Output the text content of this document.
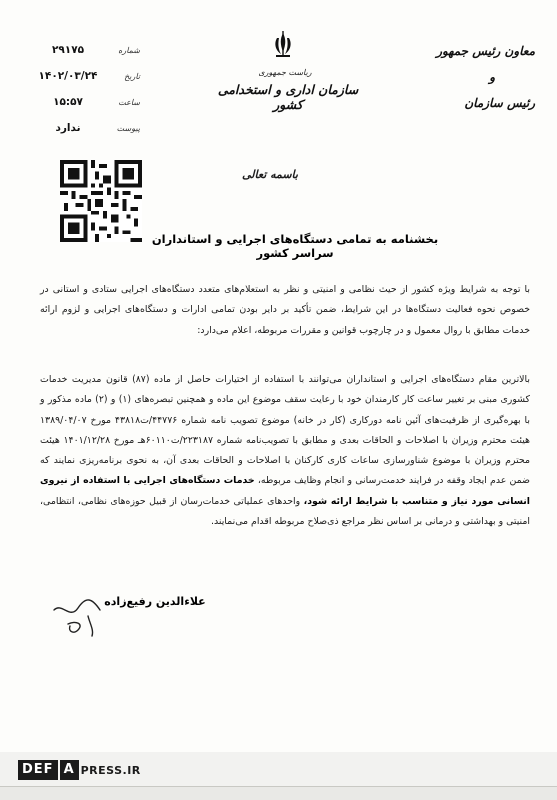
معاون رئیس جمهور
و
رئیس سازمان
ریاست جمهوری
سازمان اداری و استخدامی کشور
شماره
۲۹۱۷۵
تاریخ
۱۴۰۲/۰۳/۲۴
ساعت
۱۵:۵۷
پیوست
ندارد
باسمه تعالی
بخشنامه به تمامی دستگاه‌های اجرایی و استانداران سراسر کشور
با توجه به شرایط ویژه کشور از حیث نظامی و امنیتی و نظر به استعلام‌های متعدد دستگاه‌های اجرایی ستادی و استانی در خصوص نحوه فعالیت دستگاه‌ها در این شرایط، ضمن تأکید بر دایر بودن تمامی ادارات و دستگاه‌های اجرایی و لزوم ارائه خدمات مطابق با روال معمول و در چارچوب قوانین و مقررات مربوطه، اعلام می‌دارد:
بالاترین مقام دستگاه‌های اجرایی و استانداران می‌توانند با استفاده از اختیارات حاصل از ماده (۸۷) قانون مدیریت خدمات کشوری مبنی بر تغییر ساعت کار کارمندان خود با رعایت سقف موضوع این ماده و همچنین تبصره‌های (۱) و (۲) ماده مذکور و با بهره‌گیری از ظرفیت‌های آئین نامه دورکاری (کار در خانه) موضوع تصویب نامه شماره ۴۴۷۷۶/ت۴۳۸۱۸ مورخ ۱۳۸۹/۰۴/۰۷ هیئت محترم وزیران با اصلاحات و الحاقات بعدی و مطابق با تصویب‌نامه شماره ۲۲۳۱۸۷/ت۶۰۱۱۰هـ مورخ ۱۴۰۱/۱۲/۲۸ هیئت محترم وزیران با موضوع شناورسازی ساعات کاری کارکنان با اصلاحات و الحاقات بعدی آن، به نحوی برنامه‌ریزی نمایند که ضمن عدم ایجاد وقفه در فرایند خدمت‌رسانی و انجام وظایف مربوطه، خدمات دستگاه‌های اجرایی با استفاده از نیروی انسانی مورد نیاز و متناسب با شرایط ارائه شود، واحدهای عملیاتی خدمات‌رسان از قبیل حوزه‌های نظامی، انتظامی، امنیتی و بهداشتی و درمانی بر اساس نظر مراجع ذی‌صلاح مربوطه اقدام می‌نمایند.
علاءالدین رفیع‌زاده
DEF A PRESS.IR
